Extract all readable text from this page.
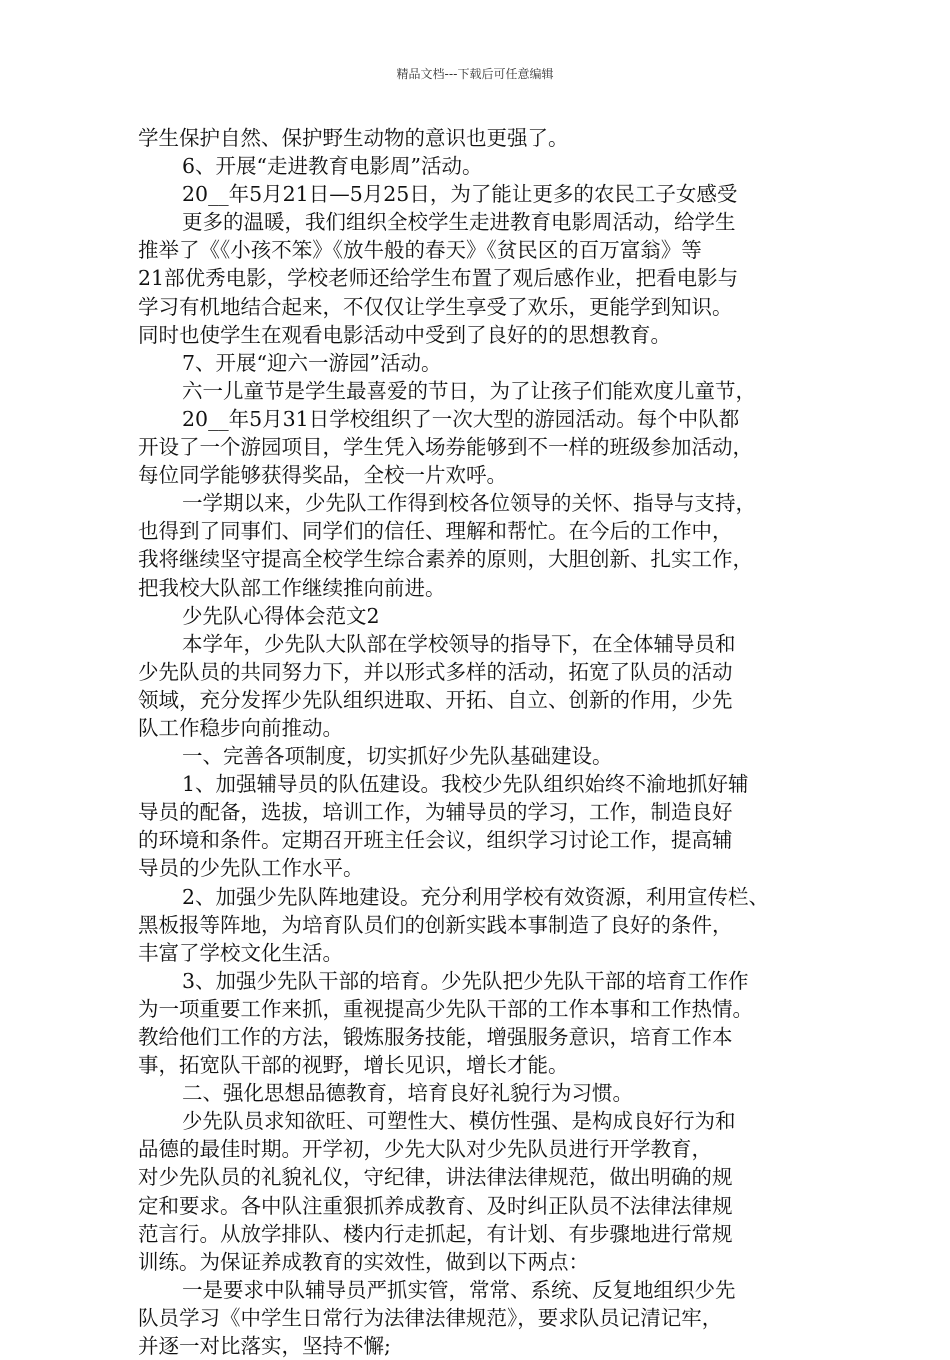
精品文档---下载后可任意编辑
学生保护自然、保护野生动物的意识也更强了。
6、开展“走进教育电影周”活动。
20__年5月21日—5月25日，为了能让更多的农民工子女感受
更多的温暖，我们组织全校学生走进教育电影周活动，给学生
推举了《《小孩不笨》《放牛般的春天》《贫民区的百万富翁》等
21部优秀电影，学校老师还给学生布置了观后感作业，把看电影与
学习有机地结合起来，不仅仅让学生享受了欢乐，更能学到知识。
同时也使学生在观看电影活动中受到了良好的的思想教育。
7、开展“迎六一游园”活动。
六一儿童节是学生最喜爱的节日，为了让孩子们能欢度儿童节，
20__年5月31日学校组织了一次大型的游园活动。每个中队都
开设了一个游园项目，学生凭入场券能够到不一样的班级参加活动，
每位同学能够获得奖品，全校一片欢呼。
一学期以来，少先队工作得到校各位领导的关怀、指导与支持，
也得到了同事们、同学们的信任、理解和帮忙。在今后的工作中，
我将继续坚守提高全校学生综合素养的原则，大胆创新、扎实工作，
把我校大队部工作继续推向前进。
少先队心得体会范文2
本学年，少先队大队部在学校领导的指导下，在全体辅导员和
少先队员的共同努力下，并以形式多样的活动，拓宽了队员的活动
领域，充分发挥少先队组织进取、开拓、自立、创新的作用，少先
队工作稳步向前推动。
一、完善各项制度，切实抓好少先队基础建设。
1、加强辅导员的队伍建设。我校少先队组织始终不渝地抓好辅
导员的配备，选拔，培训工作，为辅导员的学习，工作，制造良好
的环境和条件。定期召开班主任会议，组织学习讨论工作，提高辅
导员的少先队工作水平。
2、加强少先队阵地建设。充分利用学校有效资源，利用宣传栏、
黑板报等阵地，为培育队员们的创新实践本事制造了良好的条件，
丰富了学校文化生活。
3、加强少先队干部的培育。少先队把少先队干部的培育工作作
为一项重要工作来抓，重视提高少先队干部的工作本事和工作热情。
教给他们工作的方法，锻炼服务技能，增强服务意识，培育工作本
事，拓宽队干部的视野，增长见识，增长才能。
二、强化思想品德教育，培育良好礼貌行为习惯。
少先队员求知欲旺、可塑性大、模仿性强、是构成良好行为和
品德的最佳时期。开学初，少先大队对少先队员进行开学教育，
对少先队员的礼貌礼仪，守纪律，讲法律法律规范，做出明确的规
定和要求。各中队注重狠抓养成教育、及时纠正队员不法律法律规
范言行。从放学排队、楼内行走抓起，有计划、有步骤地进行常规
训练。为保证养成教育的实效性，做到以下两点：
一是要求中队辅导员严抓实管，常常、系统、反复地组织少先
队员学习《中学生日常行为法律法律规范》，要求队员记清记牢，
并逐一对比落实，坚持不懈;
